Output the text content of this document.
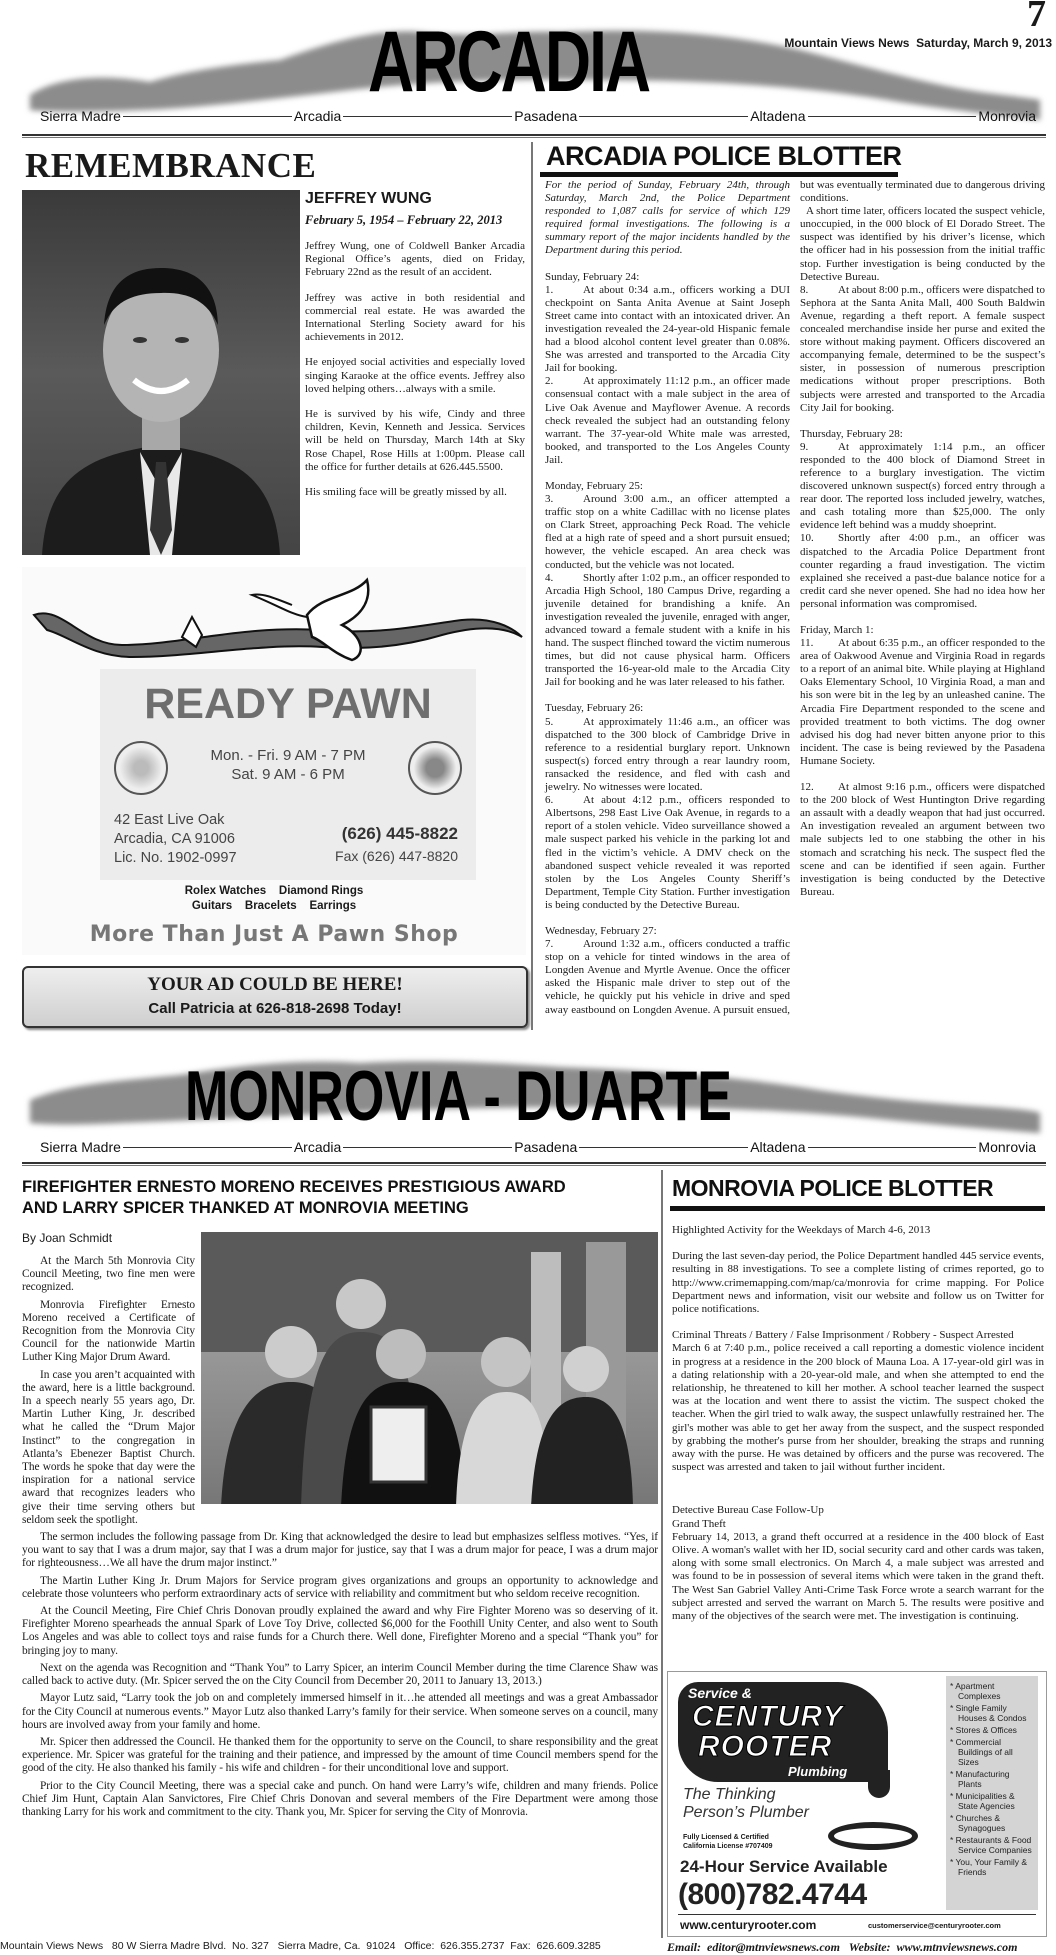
7
Mountain Views News  Saturday, March 9, 2013
ARCADIA
Sierra Madre	Arcadia	Pasadena	Altadena	Monrovia
REMEMBRANCE
JEFFREY WUNG
February 5, 1954 – February 22, 2013

Jeffrey Wung, one of Coldwell Banker Arcadia Regional Office’s agents, died on Friday, February 22nd as the result of an accident.

Jeffrey was active in both residential and commercial real estate. He was awarded the International Sterling Society award for his achievements in 2012.

He enjoyed social activities and especially loved singing Karaoke at the office events. Jeffrey also loved helping others…always with a smile.

He is survived by his wife, Cindy and three children, Kevin, Kenneth and Jessica. Services will be held on Thursday, March 14th at Sky Rose Chapel, Rose Hills at 1:00pm. Please call the office for further details at 626.445.5500.

His smiling face will be greatly missed by all.

READY PAWN
Mon. - Fri. 9 AM - 7 PM
Sat. 9 AM - 6 PM
42 East Live Oak
Arcadia, CA 91006
Lic. No. 1902-0997
(626) 445-8822
Fax (626) 447-8820
Rolex Watches    Diamond Rings
Guitars    Bracelets    Earrings
More Than Just A Pawn Shop
YOUR AD COULD BE HERE!
Call Patricia at 626-818-2698 Today!
ARCADIA POLICE BLOTTER

For the period of Sunday, February 24th, through Saturday, March 2nd, the Police Department responded to 1,087 calls for service of which 129 required formal investigations. The following is a summary report of the major incidents handled by the Department during this period.

Sunday, February 24:

1.	At about 0:34 a.m., officers working a DUI checkpoint on Santa Anita Avenue at Saint Joseph Street came into contact with an intoxicated driver. An investigation revealed the 24-year-old Hispanic female had a blood alcohol content level greater than 0.08%. She was arrested and transported to the Arcadia City Jail for booking.

2.	At approximately 11:12 p.m., an officer made consensual contact with a male subject in the area of Live Oak Avenue and Mayflower Avenue. A records check revealed the subject had an outstanding felony warrant. The 37-year-old White male was arrested, booked, and transported to the Los Angeles County Jail.

Monday, February 25:

3.	Around 3:00 a.m., an officer attempted a traffic stop on a white Cadillac with no license plates on Clark Street, approaching Peck Road. The vehicle fled at a high rate of speed and a short pursuit ensued; however, the vehicle escaped. An area check was conducted, but the vehicle was not located.

4.	Shortly after 1:02 p.m., an officer responded to Arcadia High School, 180 Campus Drive, regarding a juvenile detained for brandishing a knife. An investigation revealed the juvenile, enraged with anger, advanced toward a female student with a knife in his hand. The suspect flinched toward the victim numerous times, but did not cause physical harm. Officers transported the 16-year-old male to the Arcadia City Jail for booking and he was later released to his father.

Tuesday, February 26:

5.	At approximately 11:46 a.m., an officer was dispatched to the 300 block of Cambridge Drive in reference to a residential burglary report. Unknown suspect(s) forced entry through a rear laundry room, ransacked the residence, and fled with cash and jewelry. No witnesses were located.

6.	At about 4:12 p.m., officers responded to Albertsons, 298 East Live Oak Avenue, in regards to a report of a stolen vehicle. Video surveillance showed a male suspect parked his vehicle in the parking lot and fled in the victim’s vehicle. A DMV check on the abandoned suspect vehicle revealed it was reported stolen by the Los Angeles County Sheriff’s Department, Temple City Station. Further investigation is being conducted by the Detective Bureau.

Wednesday, February 27:

7.	Around 1:32 a.m., officers conducted a traffic stop on a vehicle for tinted windows in the area of Longden Avenue and Myrtle Avenue. Once the officer asked the Hispanic male driver to step out of the vehicle, he quickly put his vehicle in drive and sped away eastbound on Longden Avenue. A pursuit ensued, but was eventually terminated due to dangerous driving conditions.

A short time later, officers located the suspect vehicle, unoccupied, in the 000 block of El Dorado Street. The suspect was identified by his driver’s license, which the officer had in his possession from the initial traffic stop. Further investigation is being conducted by the Detective Bureau.

8.	At about 8:00 p.m., officers were dispatched to Sephora at the Santa Anita Mall, 400 South Baldwin Avenue, regarding a theft report. A female suspect concealed merchandise inside her purse and exited the store without making payment. Officers discovered an accompanying female, determined to be the suspect’s sister, in possession of numerous prescription medications without proper prescriptions. Both subjects were arrested and transported to the Arcadia City Jail for booking.

Thursday, February 28:

9.	At approximately 1:14 p.m., an officer responded to the 400 block of Diamond Street in reference to a burglary investigation. The victim discovered unknown suspect(s) forced entry through a rear door. The reported loss included jewelry, watches, and cash totaling more than $25,000. The only evidence left behind was a muddy shoeprint.

10. Shortly after 4:00 p.m., an officer was dispatched to the Arcadia Police Department front counter regarding a fraud investigation. The victim explained she received a past-due balance notice for a credit card she never opened. She had no idea how her personal information was compromised.

Friday, March 1:

11. At about 6:35 p.m., an officer responded to the area of Oakwood Avenue and Virginia Road in regards to a report of an animal bite. While playing at Highland Oaks Elementary School, 10 Virginia Road, a man and his son were bit in the leg by an unleashed canine. The Arcadia Fire Department responded to the scene and provided treatment to both victims. The dog owner advised his dog had never bitten anyone prior to this incident. The case is being reviewed by the Pasadena Humane Society.

12. At almost 9:16 p.m., officers were dispatched to the 200 block of West Huntington Drive regarding an assault with a deadly weapon that had just occurred. An investigation revealed an argument between two male subjects led to one stabbing the other in his stomach and scratching his neck. The suspect fled the scene and can be identified if seen again. Further investigation is being conducted by the Detective Bureau.

MONROVIA - DUARTE
Sierra Madre	Arcadia	Pasadena	Altadena	Monrovia
FIREFIGHTER ERNESTO MORENO RECEIVES PRESTIGIOUS AWARD
AND LARRY SPICER THANKED AT MONROVIA MEETING
By Joan Schmidt

At the March 5th Monrovia City Council Meeting, two fine men were recognized.

Monrovia Firefighter Ernesto Moreno received a Certificate of Recognition from the Monrovia City Council for the nationwide Martin Luther King Major Drum Award.

In case you aren’t acquainted with the award, here is a little background. In a speech nearly 55 years ago, Dr. Martin Luther King, Jr. described what he called the “Drum Major Instinct” to the congregation in Atlanta’s Ebenezer Baptist Church. The words he spoke that day were the inspiration for a national service award that recognizes leaders who give their time serving others but seldom seek the spotlight.

The sermon includes the following passage from Dr. King that acknowledged the desire to lead but emphasizes selfless motives. “Yes, if you want to say that I was a drum major, say that I was a drum major for justice, say that I was a drum major for peace, I was a drum major for righteousness…We all have the drum major instinct.”

The Martin Luther King Jr. Drum Majors for Service program gives organizations and groups an opportunity to acknowledge and celebrate those volunteers who perform extraordinary acts of service with reliability and commitment but who seldom receive recognition.

At the Council Meeting, Fire Chief Chris Donovan proudly explained the award and why Fire Fighter Moreno was so deserving of it. Firefighter Moreno spearheads the annual Spark of Love Toy Drive, collected $6,000 for the Foothill Unity Center, and also went to South Los Angeles and was able to collect toys and raise funds for a Church there. Well done, Firefighter Moreno and a special “Thank you” for bringing joy to many.

Next on the agenda was Recognition and “Thank You” to Larry Spicer, an interim Council Member during the time Clarence Shaw was called back to active duty. (Mr. Spicer served the on the City Council from December 20, 2011 to January 13, 2013.)

Mayor Lutz said, “Larry took the job on and completely immersed himself in it…he attended all meetings and was a great Ambassador for the City Council at numerous events.” Mayor Lutz also thanked Larry’s family for their service. When someone serves on a council, many hours are involved away from your family and home.

Mr. Spicer then addressed the Council. He thanked them for the opportunity to serve on the Council, to share responsibility and the great experience. Mr. Spicer was grateful for the training and their patience, and impressed by the amount of time Council members spend for the good of the city. He also thanked his family - his wife and children - for their unconditional love and support.

Prior to the City Council Meeting, there was a special cake and punch. On hand were Larry’s wife, children and many friends. Police Chief Jim Hunt, Captain Alan Sanvictores, Fire Chief Chris Donovan and several members of the Fire Department were among those thanking Larry for his work and commitment to the city. Thank you, Mr. Spicer for serving the City of Monrovia.

MONROVIA POLICE BLOTTER

Highlighted Activity for the Weekdays of March 4-6, 2013

During the last seven-day period, the Police Department handled 445 service events, resulting in 88 investigations. To see a complete listing of crimes reported, go to http://www.crimemapping.com/map/ca/monrovia for crime mapping. For Police Department news and information, visit our website and follow us on Twitter for police notifications.

Criminal Threats / Battery / False Imprisonment / Robbery - Suspect Arrested

March 6 at 7:40 p.m., police received a call reporting a domestic violence incident in progress at a residence in the 200 block of Mauna Loa. A 17-year-old girl was in a dating relationship with a 20-year-old male, and when she attempted to end the relationship, he threatened to kill her mother. A school teacher learned the suspect was at the location and went there to assist the victim. The suspect choked the teacher. When the girl tried to walk away, the suspect unlawfully restrained her. The girl's mother was able to get her away from the suspect, and the suspect responded by grabbing the mother's purse from her shoulder, breaking the straps and running away with the purse. He was detained by officers and the purse was recovered. The suspect was arrested and taken to jail without further incident.

Detective Bureau Case Follow-Up

Grand Theft

February 14, 2013, a grand theft occurred at a residence in the 400 block of East Olive. A woman's wallet with her ID, social security card and other cards was taken, along with some small electronics. On March 4, a male subject was arrested and was found to be in possession of several items which were taken in the grand theft. The West San Gabriel Valley Anti-Crime Task Force wrote a search warrant for the subject arrested and served the warrant on March 5. The results were positive and many of the objectives of the search were met. The investigation is continuing.

Service &
CENTURY
ROOTER
Plumbing
The Thinking
Person’s Plumber
Fully Licensed & Certified
California License #707409
24-Hour Service Available
(800)782.4744
www.centuryrooter.com	customerservice@centuryrooter.com
* Apartment Complexes
* Single Family Houses & Condos
* Stores & Offices
* Commercial Buildings of all Sizes
* Manufacturing Plants
* Municipalities & State Agencies
* Churches & Synagogues
* Restaurants & Food Service Companies
* You, Your Family & Friends
Mountain Views News   80 W Sierra Madre Blvd.  No. 327   Sierra Madre, Ca.  91024   Office:  626.355.2737  Fax:  626.609.3285	Email:  editor@mtnviewsnews.com   Website:  www.mtnviewsnews.com
